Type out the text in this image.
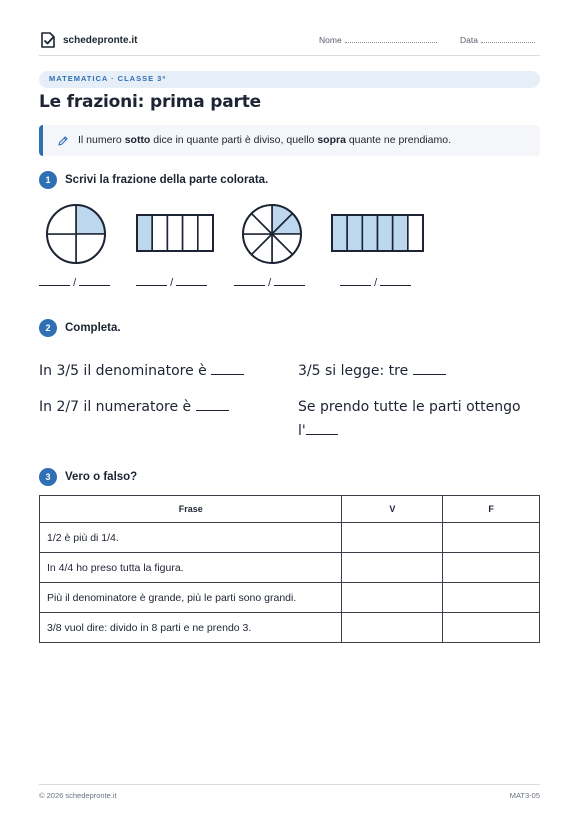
schedepronte.it	Nome	Data
MATEMATICA · CLASSE 3ª
Le frazioni: prima parte
Il numero sotto dice in quante parti è diviso, quello sopra quante ne prendiamo.
1	Scrivi la frazione della parte colorata.
/	/	/	/
2	Completa.
In 3/5 il denominatore è	3/5 si legge: tre
In 2/7 il numeratore è	Se prendo tutte le parti ottengo
l'
3	Vero o falso?
Frase	V	F
1/2 è più di 1/4.		
In 4/4 ho preso tutta la figura.		
Più il denominatore è grande, più le parti sono grandi.		
3/8 vuol dire: divido in 8 parti e ne prendo 3.		
© 2026 schedepronte.it	MAT3-05
